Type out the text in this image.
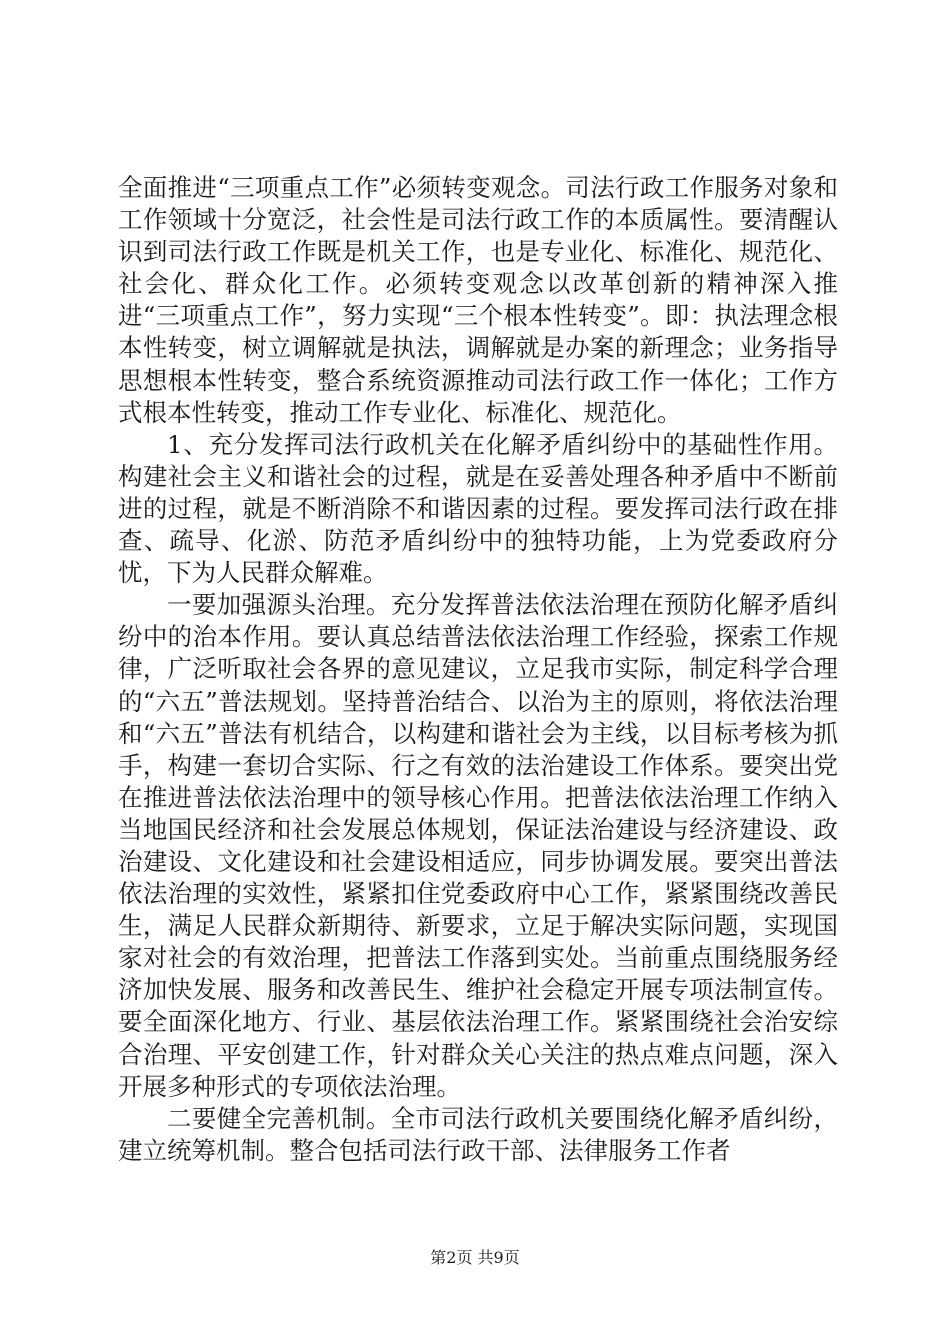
全面推进“三项重点工作”必须转变观念。司法行政工作服务对象和工作领域十分宽泛，社会性是司法行政工作的本质属性。要清醒认识到司法行政工作既是机关工作，也是专业化、标准化、规范化、社会化、群众化工作。必须转变观念以改革创新的精神深入推进“三项重点工作”，努力实现“三个根本性转变”。即：执法理念根本性转变，树立调解就是执法，调解就是办案的新理念；业务指导思想根本性转变，整合系统资源推动司法行政工作一体化；工作方式根本性转变，推动工作专业化、标准化、规范化。

1、充分发挥司法行政机关在化解矛盾纠纷中的基础性作用。构建社会主义和谐社会的过程，就是在妥善处理各种矛盾中不断前进的过程，就是不断消除不和谐因素的过程。要发挥司法行政在排查、疏导、化淤、防范矛盾纠纷中的独特功能，上为党委政府分忧，下为人民群众解难。

一要加强源头治理。充分发挥普法依法治理在预防化解矛盾纠纷中的治本作用。要认真总结普法依法治理工作经验，探索工作规律，广泛听取社会各界的意见建议，立足我市实际，制定科学合理的“六五”普法规划。坚持普治结合、以治为主的原则，将依法治理和“六五”普法有机结合，以构建和谐社会为主线，以目标考核为抓手，构建一套切合实际、行之有效的法治建设工作体系。要突出党在推进普法依法治理中的领导核心作用。把普法依法治理工作纳入当地国民经济和社会发展总体规划，保证法治建设与经济建设、政治建设、文化建设和社会建设相适应，同步协调发展。要突出普法依法治理的实效性，紧紧扣住党委政府中心工作，紧紧围绕改善民生，满足人民群众新期待、新要求，立足于解决实际问题，实现国家对社会的有效治理，把普法工作落到实处。当前重点围绕服务经济加快发展、服务和改善民生、维护社会稳定开展专项法制宣传。要全面深化地方、行业、基层依法治理工作。紧紧围绕社会治安综合治理、平安创建工作，针对群众关心关注的热点难点问题，深入开展多种形式的专项依法治理。

二要健全完善机制。全市司法行政机关要围绕化解矛盾纠纷，建立统筹机制。整合包括司法行政干部、法律服务工作者

第2页 共9页
